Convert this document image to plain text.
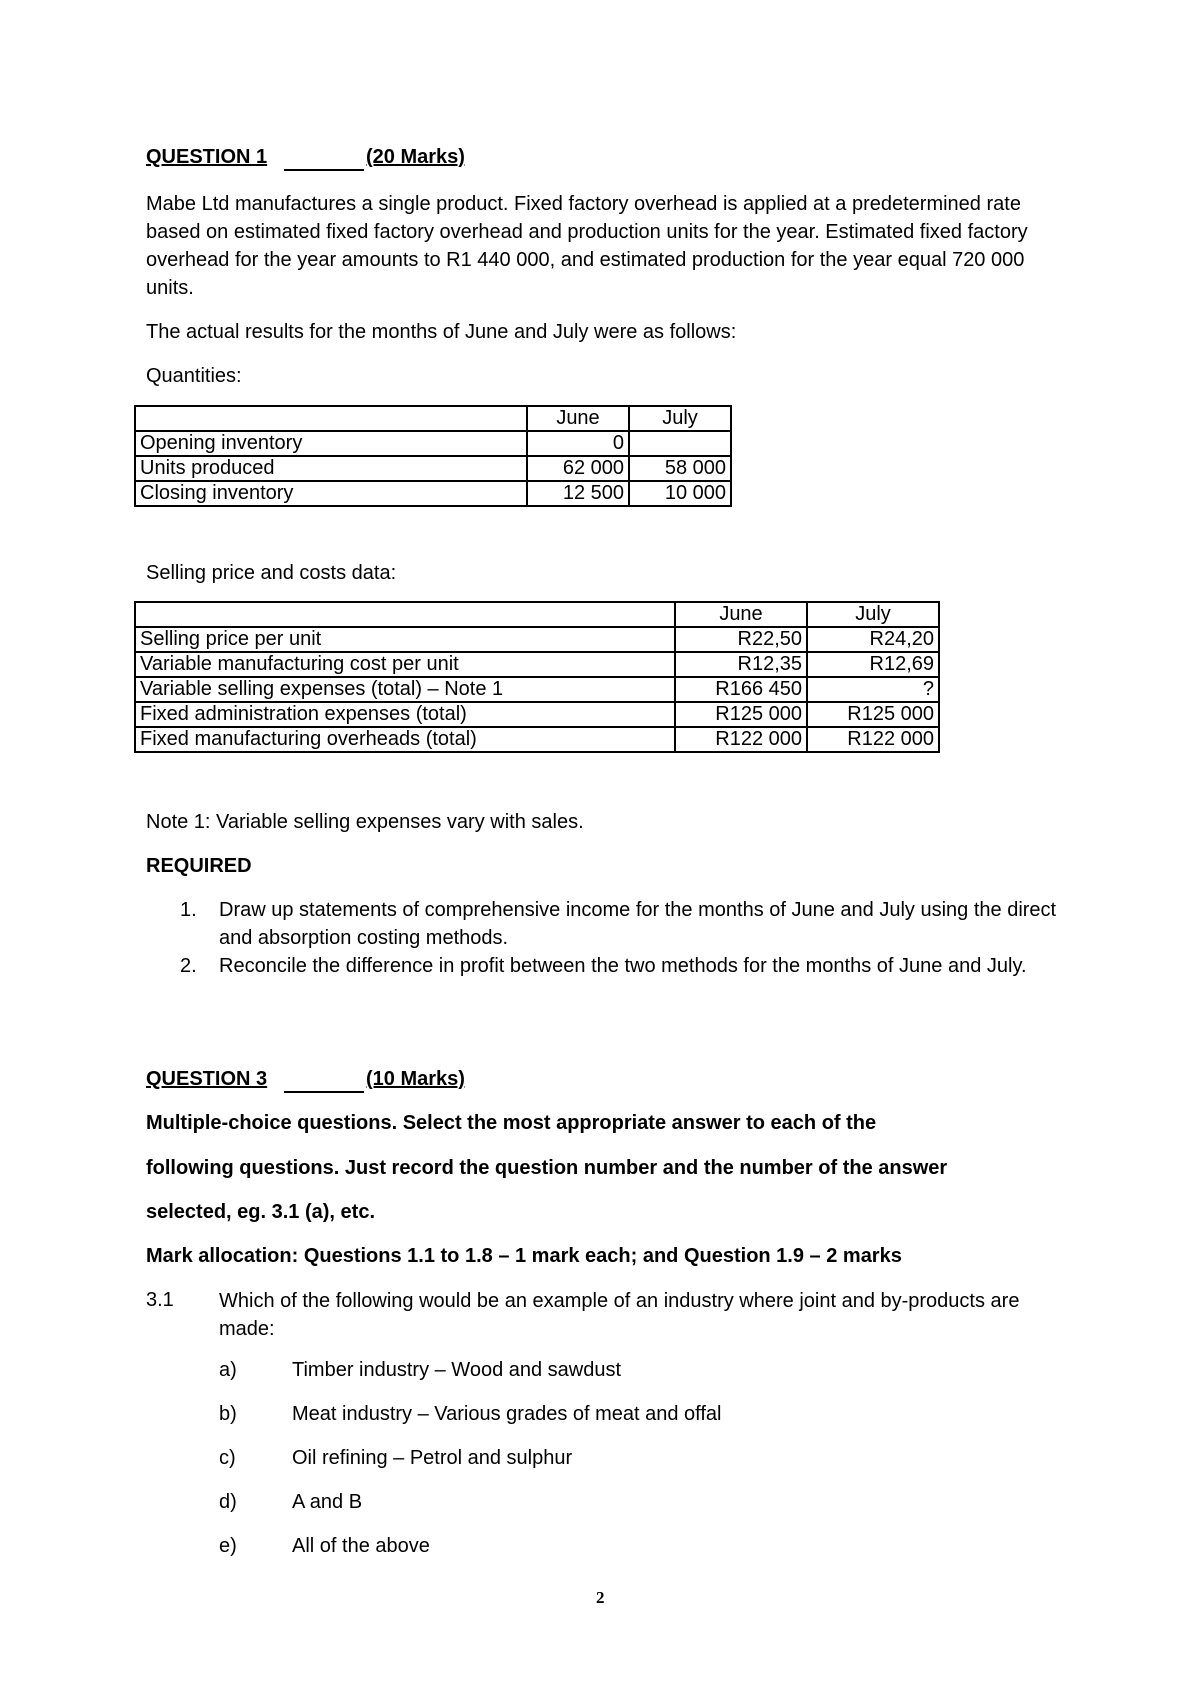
QUESTION 1	(20 Marks)
Mabe Ltd manufactures a single product. Fixed factory overhead is applied at a predetermined rate based on estimated fixed factory overhead and production units for the year. Estimated fixed factory overhead for the year amounts to R1 440 000, and estimated production for the year equal 720 000 units.
The actual results for the months of June and July were as follows:
Quantities:
	June	July
Opening inventory	0	
Units produced	62 000	58 000
Closing inventory	12 500	10 000
Selling price and costs data:
	June	July
Selling price per unit	R22,50	R24,20
Variable manufacturing cost per unit	R12,35	R12,69
Variable selling expenses (total) – Note 1	R166 450	?
Fixed administration expenses (total)	R125 000	R125 000
Fixed manufacturing overheads (total)	R122 000	R122 000
Note 1: Variable selling expenses vary with sales.
REQUIRED
1. Draw up statements of comprehensive income for the months of June and July using the direct and absorption costing methods.
2. Reconcile the difference in profit between the two methods for the months of June and July.
QUESTION 3	(10 Marks)
Multiple-choice questions. Select the most appropriate answer to each of the
following questions. Just record the question number and the number of the answer
selected, eg. 3.1 (a), etc.
Mark allocation: Questions 1.1 to 1.8 – 1 mark each; and Question 1.9 – 2 marks
3.1 Which of the following would be an example of an industry where joint and by-products are made:
a)	Timber industry – Wood and sawdust
b)	Meat industry – Various grades of meat and offal
c)	Oil refining – Petrol and sulphur
d)	A and B
e)	All of the above
2
